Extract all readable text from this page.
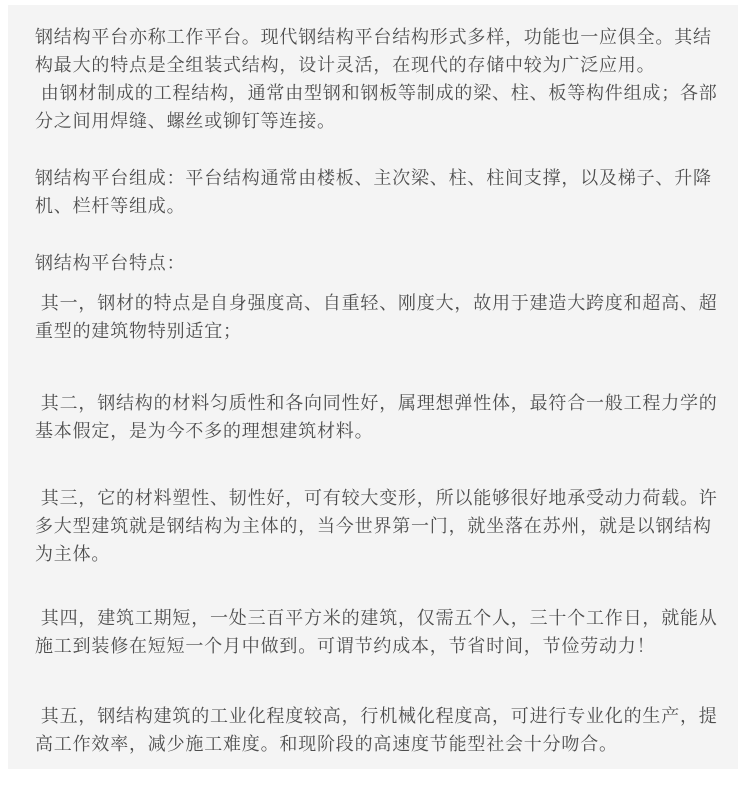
钢结构平台亦称工作平台。现代钢结构平台结构形式多样，功能也一应俱全。其结
构最大的特点是全组装式结构，设计灵活，在现代的存储中较为广泛应用。
由钢材制成的工程结构，通常由型钢和钢板等制成的梁、柱、板等构件组成；各部
分之间用焊缝、螺丝或铆钉等连接。
钢结构平台组成：平台结构通常由楼板、主次梁、柱、柱间支撑，以及梯子、升降
机、栏杆等组成。
钢结构平台特点：
其一，钢材的特点是自身强度高、自重轻、刚度大，故用于建造大跨度和超高、超
重型的建筑物特别适宜；
其二，钢结构的材料匀质性和各向同性好，属理想弹性体，最符合一般工程力学的
基本假定，是为今不多的理想建筑材料。
其三，它的材料塑性、韧性好，可有较大变形，所以能够很好地承受动力荷载。许
多大型建筑就是钢结构为主体的，当今世界第一门，就坐落在苏州，就是以钢结构
为主体。
其四，建筑工期短，一处三百平方米的建筑，仅需五个人，三十个工作日，就能从
施工到装修在短短一个月中做到。可谓节约成本，节省时间，节俭劳动力！
其五，钢结构建筑的工业化程度较高，行机械化程度高，可进行专业化的生产，提
高工作效率，减少施工难度。和现阶段的高速度节能型社会十分吻合。
